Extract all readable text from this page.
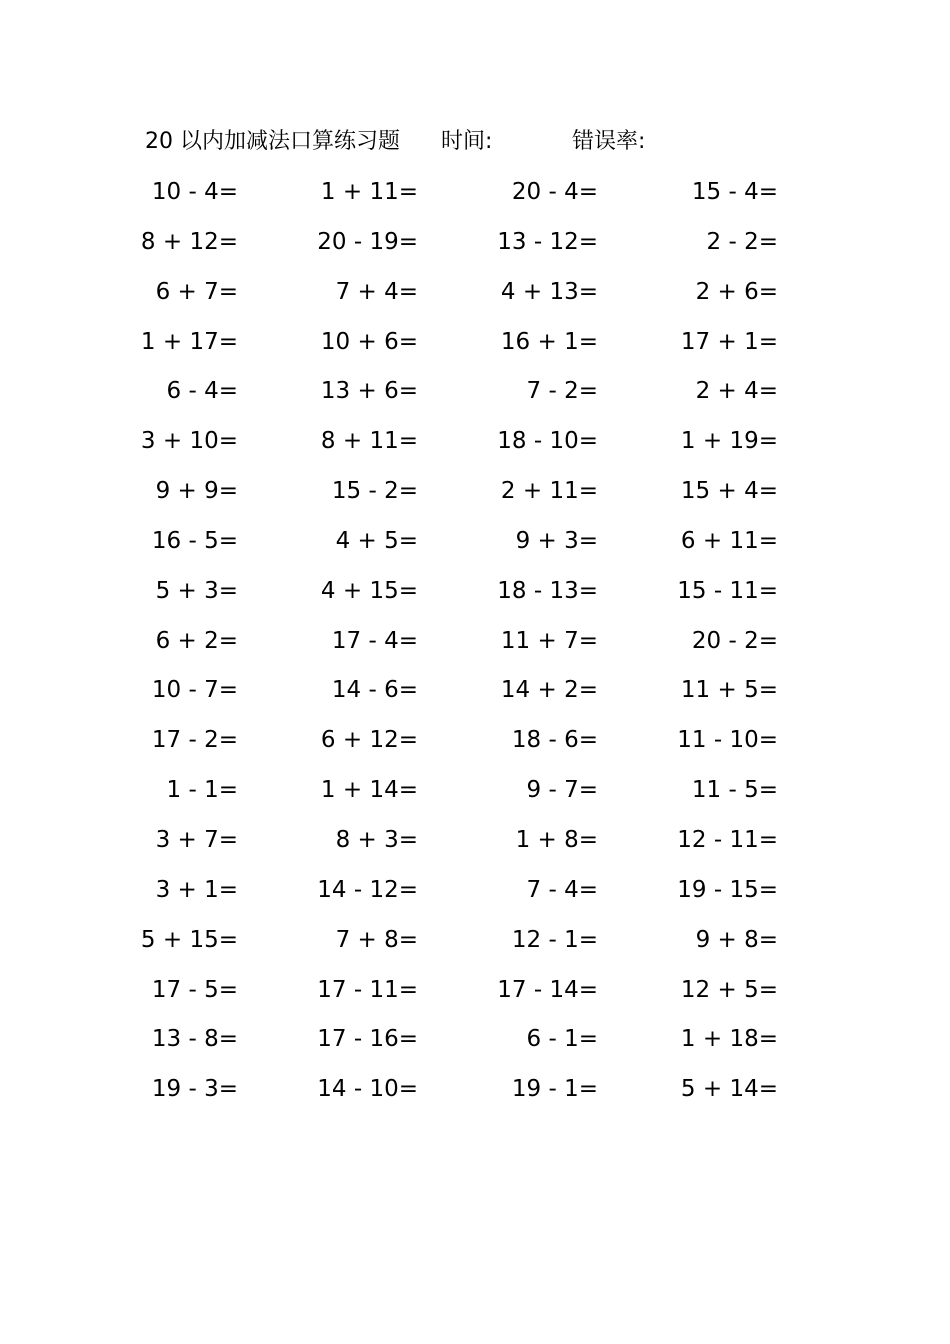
20 以内加减法口算练习题 时间:	错误率:
10 - 4=	1 + 11=	20 - 4=	15 - 4=
8 + 12=	20 - 19=	13 - 12=	2 - 2=
6 + 7=	7 + 4=	4 + 13=	2 + 6=
1 + 17=	10 + 6=	16 + 1=	17 + 1=
6 - 4=	13 + 6=	7 - 2=	2 + 4=
3 + 10=	8 + 11=	18 - 10=	1 + 19=
9 + 9=	15 - 2=	2 + 11=	15 + 4=
16 - 5=	4 + 5=	9 + 3=	6 + 11=
5 + 3=	4 + 15=	18 - 13=	15 - 11=
6 + 2=	17 - 4=	11 + 7=	20 - 2=
10 - 7=	14 - 6=	14 + 2=	11 + 5=
17 - 2=	6 + 12=	18 - 6=	11 - 10=
1 - 1=	1 + 14=	9 - 7=	11 - 5=
3 + 7=	8 + 3=	1 + 8=	12 - 11=
3 + 1=	14 - 12=	7 - 4=	19 - 15=
5 + 15=	7 + 8=	12 - 1=	9 + 8=
17 - 5=	17 - 11=	17 - 14=	12 + 5=
13 - 8=	17 - 16=	6 - 1=	1 + 18=
19 - 3=	14 - 10=	19 - 1=	5 + 14=
